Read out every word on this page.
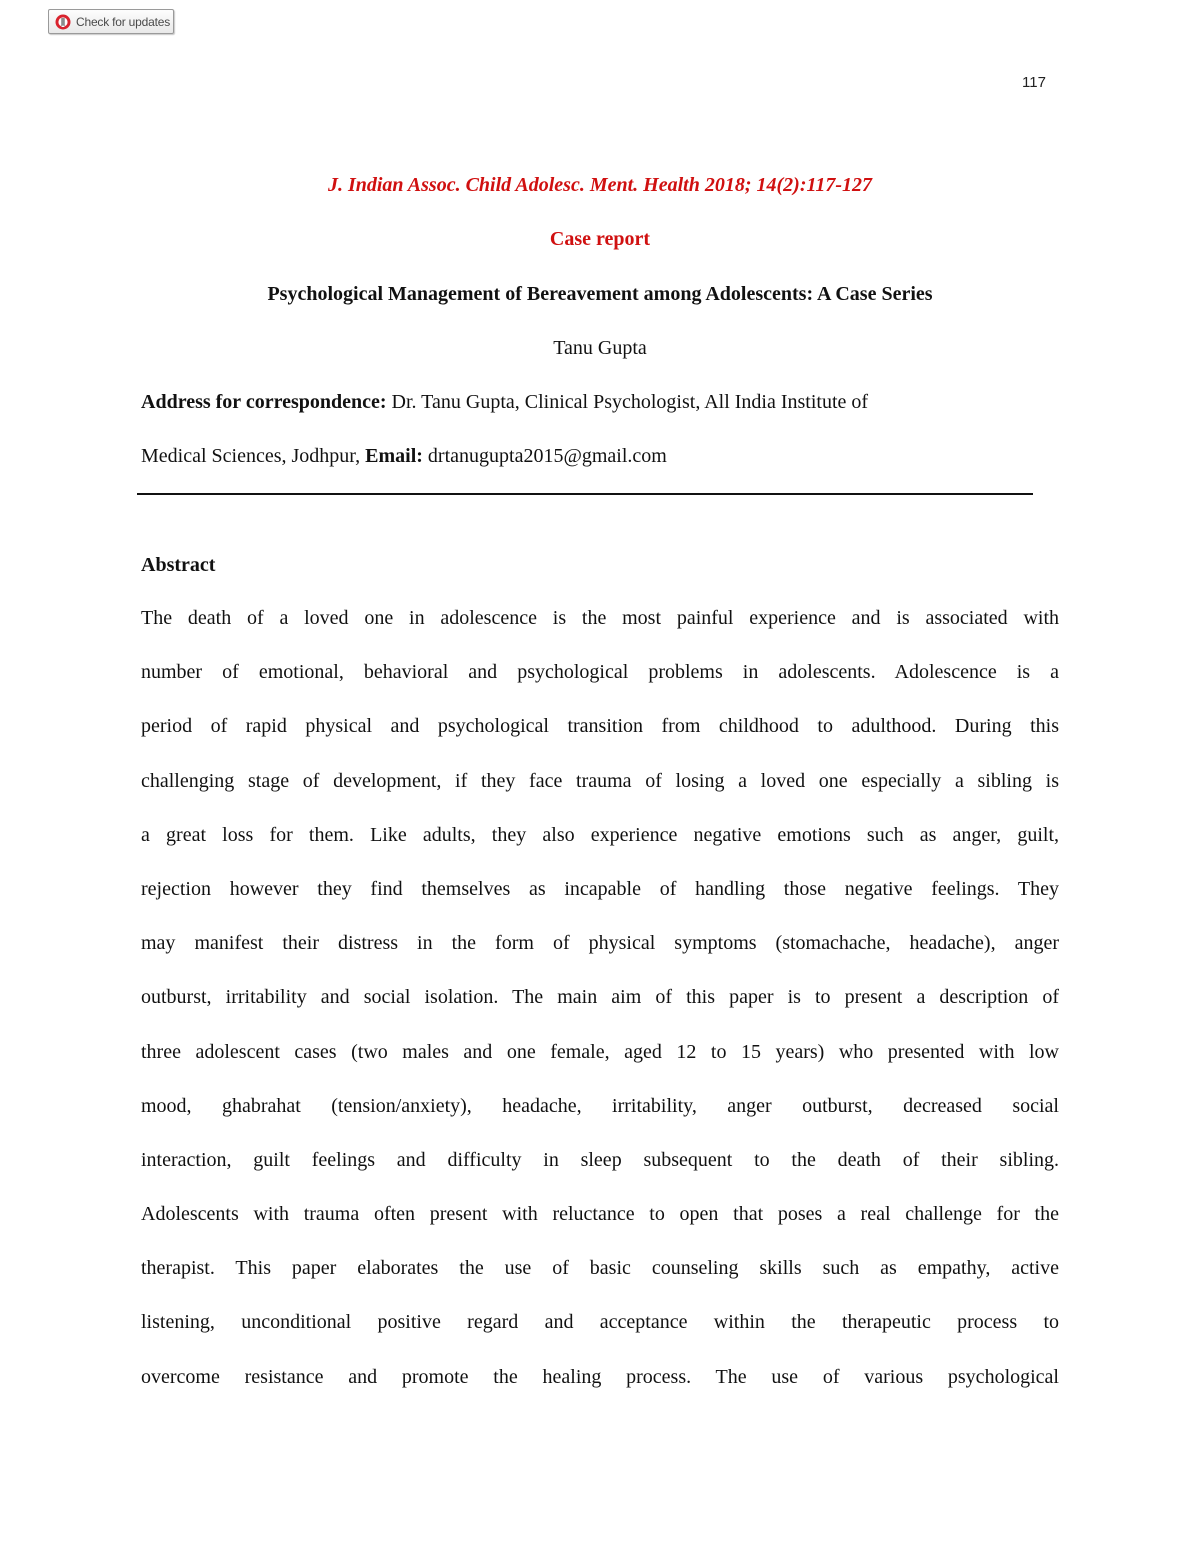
Check for updates
117
J. Indian Assoc. Child Adolesc. Ment. Health 2018; 14(2):117-127
Case report
Psychological Management of Bereavement among Adolescents: A Case Series
Tanu Gupta
Address for correspondence: Dr. Tanu Gupta, Clinical Psychologist, All India Institute of
Medical Sciences, Jodhpur, Email: drtanugupta2015@gmail.com
Abstract
The death of a loved one in adolescence is the most painful experience and is associated with
number of emotional, behavioral and psychological problems in adolescents. Adolescence is a
period of rapid physical and psychological transition from childhood to adulthood. During this
challenging stage of development, if they face trauma of losing a loved one especially a sibling is
a great loss for them. Like adults, they also experience negative emotions such as anger, guilt,
rejection however they find themselves as incapable of handling those negative feelings. They
may manifest their distress in the form of physical symptoms (stomachache, headache), anger
outburst, irritability and social isolation. The main aim of this paper is to present a description of
three adolescent cases (two males and one female, aged 12 to 15 years) who presented with low
mood, ghabrahat (tension/anxiety), headache, irritability, anger outburst, decreased social
interaction, guilt feelings and difficulty in sleep subsequent to the death of their sibling.
Adolescents with trauma often present with reluctance to open that poses a real challenge for the
therapist. This paper elaborates the use of basic counseling skills such as empathy, active
listening, unconditional positive regard and acceptance within the therapeutic process to
overcome resistance and promote the healing process. The use of various psychological
